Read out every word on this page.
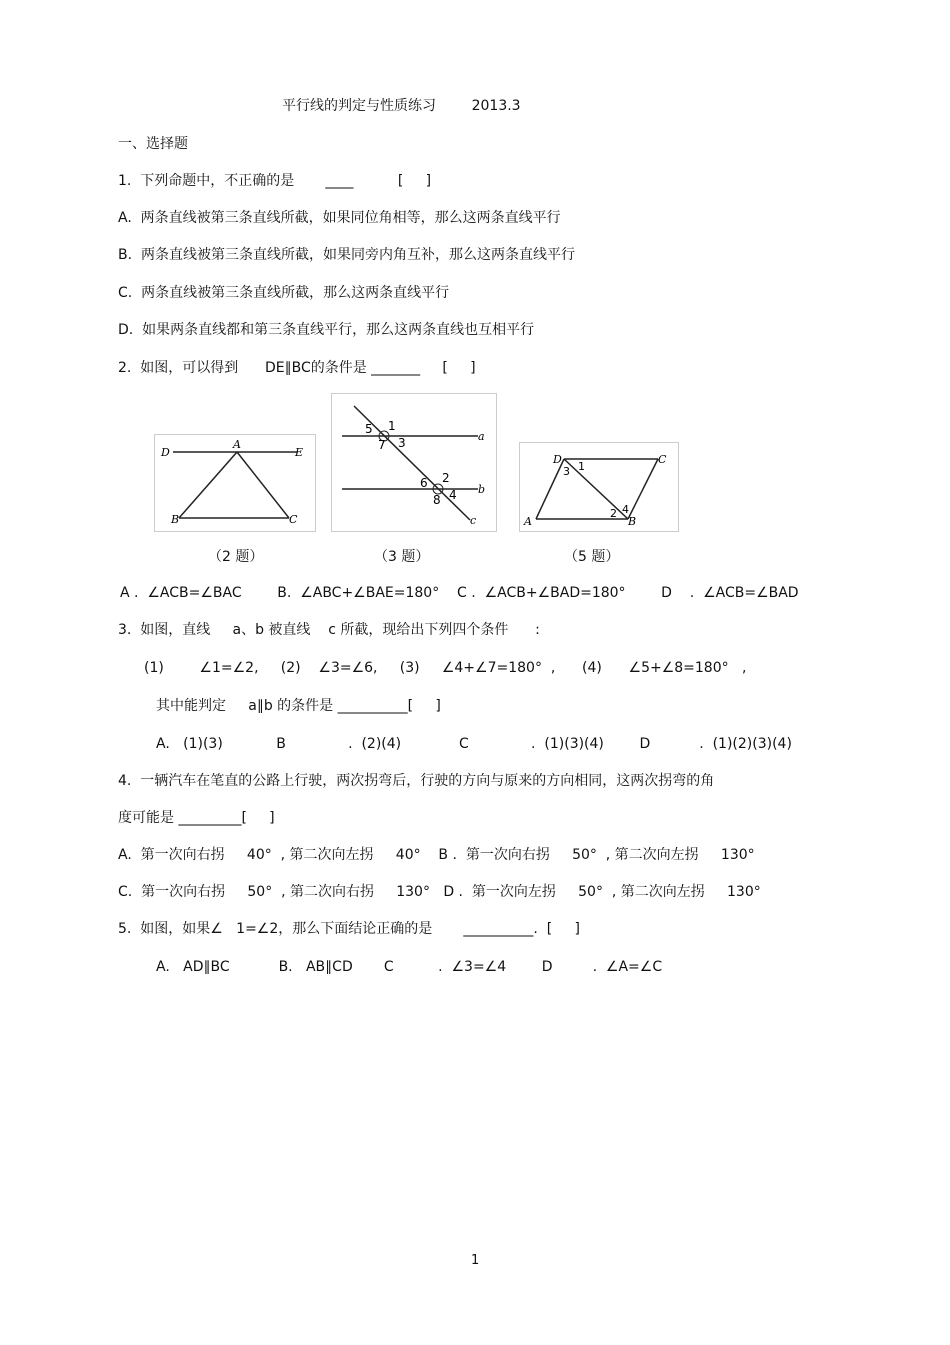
平行线的判定与性质练习        2013.3
一、选择题
1.  下列命题中，不正确的是       ____          [     ]
A.  两条直线被第三条直线所截，如果同位角相等，那么这两条直线平行
B.  两条直线被第三条直线所截，如果同旁内角互补，那么这两条直线平行
C.  两条直线被第三条直线所截，那么这两条直线平行
D.  如果两条直线都和第三条直线平行，那么这两条直线也互相平行
2.  如图，可以得到      DE∥BC的条件是 _______     [     ]
D
A
E
B	C
5 1
7 3	a
6 2
8 4 b
c
D
3 1
C
A
2 4
B
（2 题）	（3 题）	（5 题）
A .  ∠ACB=∠BAC        B.  ∠ABC+∠BAE=180°    C .  ∠ACB+∠BAD=180°        D    .  ∠ACB=∠BAD
3.  如图，直线     a、b 被直线    c 所截，现给出下列四个条件      :
(1)        ∠1=∠2,     (2)    ∠3=∠6,     (3)     ∠4+∠7=180°  ,      (4)      ∠5+∠8=180°   ,
其中能判定     a∥b 的条件是 __________[     ]
A.   (1)(3)            B              .  (2)(4)             C              .  (1)(3)(4)        D           .  (1)(2)(3)(4)
4.  一辆汽车在笔直的公路上行驶，两次拐弯后，行驶的方向与原来的方向相同，这两次拐弯的角
度可能是 _________[     ]
A.  第一次向右拐     40°  , 第二次向左拐     40°    B .  第一次向右拐     50°  , 第二次向左拐     130°
C.  第一次向右拐     50°  , 第二次向右拐     130°   D .  第一次向左拐     50°  , 第二次向左拐     130°
5.  如图，如果∠   1=∠2，那么下面结论正确的是       __________.  [     ]
A.   AD∥BC           B.   AB∥CD       C          .  ∠3=∠4        D         .  ∠A=∠C
1
